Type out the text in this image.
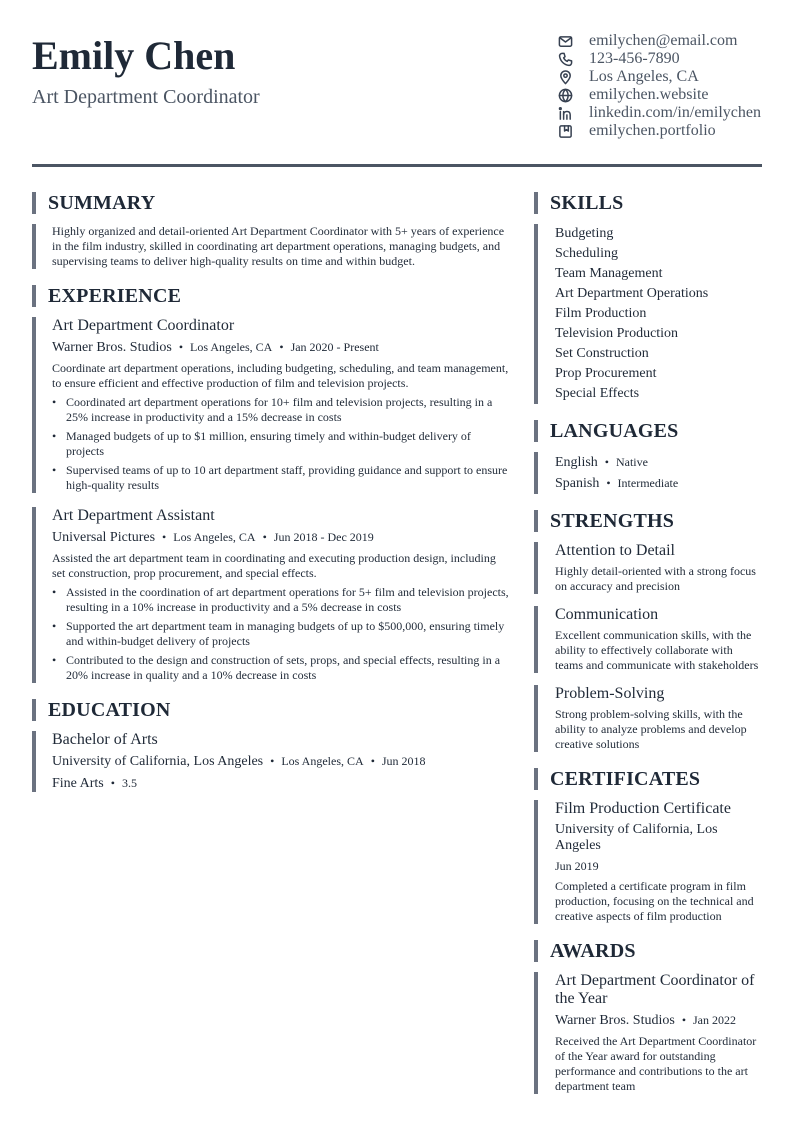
Emily Chen
Art Department Coordinator
emilychen@email.com
123-456-7890
Los Angeles, CA
emilychen.website
linkedin.com/in/emilychen
emilychen.portfolio
SUMMARY
Highly organized and detail-oriented Art Department Coordinator with 5+ years of experience in the film industry, skilled in coordinating art department operations, managing budgets, and supervising teams to deliver high-quality results on time and within budget.
EXPERIENCE
Art Department Coordinator
Warner Bros. Studios • Los Angeles, CA • Jan 2020 - Present
Coordinate art department operations, including budgeting, scheduling, and team management, to ensure efficient and effective production of film and television projects.
• Coordinated art department operations for 10+ film and television projects, resulting in a 25% increase in productivity and a 15% decrease in costs
• Managed budgets of up to $1 million, ensuring timely and within-budget delivery of projects
• Supervised teams of up to 10 art department staff, providing guidance and support to ensure high-quality results
Art Department Assistant
Universal Pictures • Los Angeles, CA • Jun 2018 - Dec 2019
Assisted the art department team in coordinating and executing production design, including set construction, prop procurement, and special effects.
• Assisted in the coordination of art department operations for 5+ film and television projects, resulting in a 10% increase in productivity and a 5% decrease in costs
• Supported the art department team in managing budgets of up to $500,000, ensuring timely and within-budget delivery of projects
• Contributed to the design and construction of sets, props, and special effects, resulting in a 20% increase in quality and a 10% decrease in costs
EDUCATION
Bachelor of Arts
University of California, Los Angeles • Los Angeles, CA • Jun 2018
Fine Arts • 3.5
SKILLS
Budgeting
Scheduling
Team Management
Art Department Operations
Film Production
Television Production
Set Construction
Prop Procurement
Special Effects
LANGUAGES
English • Native
Spanish • Intermediate
STRENGTHS
Attention to Detail
Highly detail-oriented with a strong focus on accuracy and precision
Communication
Excellent communication skills, with the ability to effectively collaborate with teams and communicate with stakeholders
Problem-Solving
Strong problem-solving skills, with the ability to analyze problems and develop creative solutions
CERTIFICATES
Film Production Certificate
University of California, Los Angeles
Jun 2019
Completed a certificate program in film production, focusing on the technical and creative aspects of film production
AWARDS
Art Department Coordinator of the Year
Warner Bros. Studios • Jan 2022
Received the Art Department Coordinator of the Year award for outstanding performance and contributions to the art department team
